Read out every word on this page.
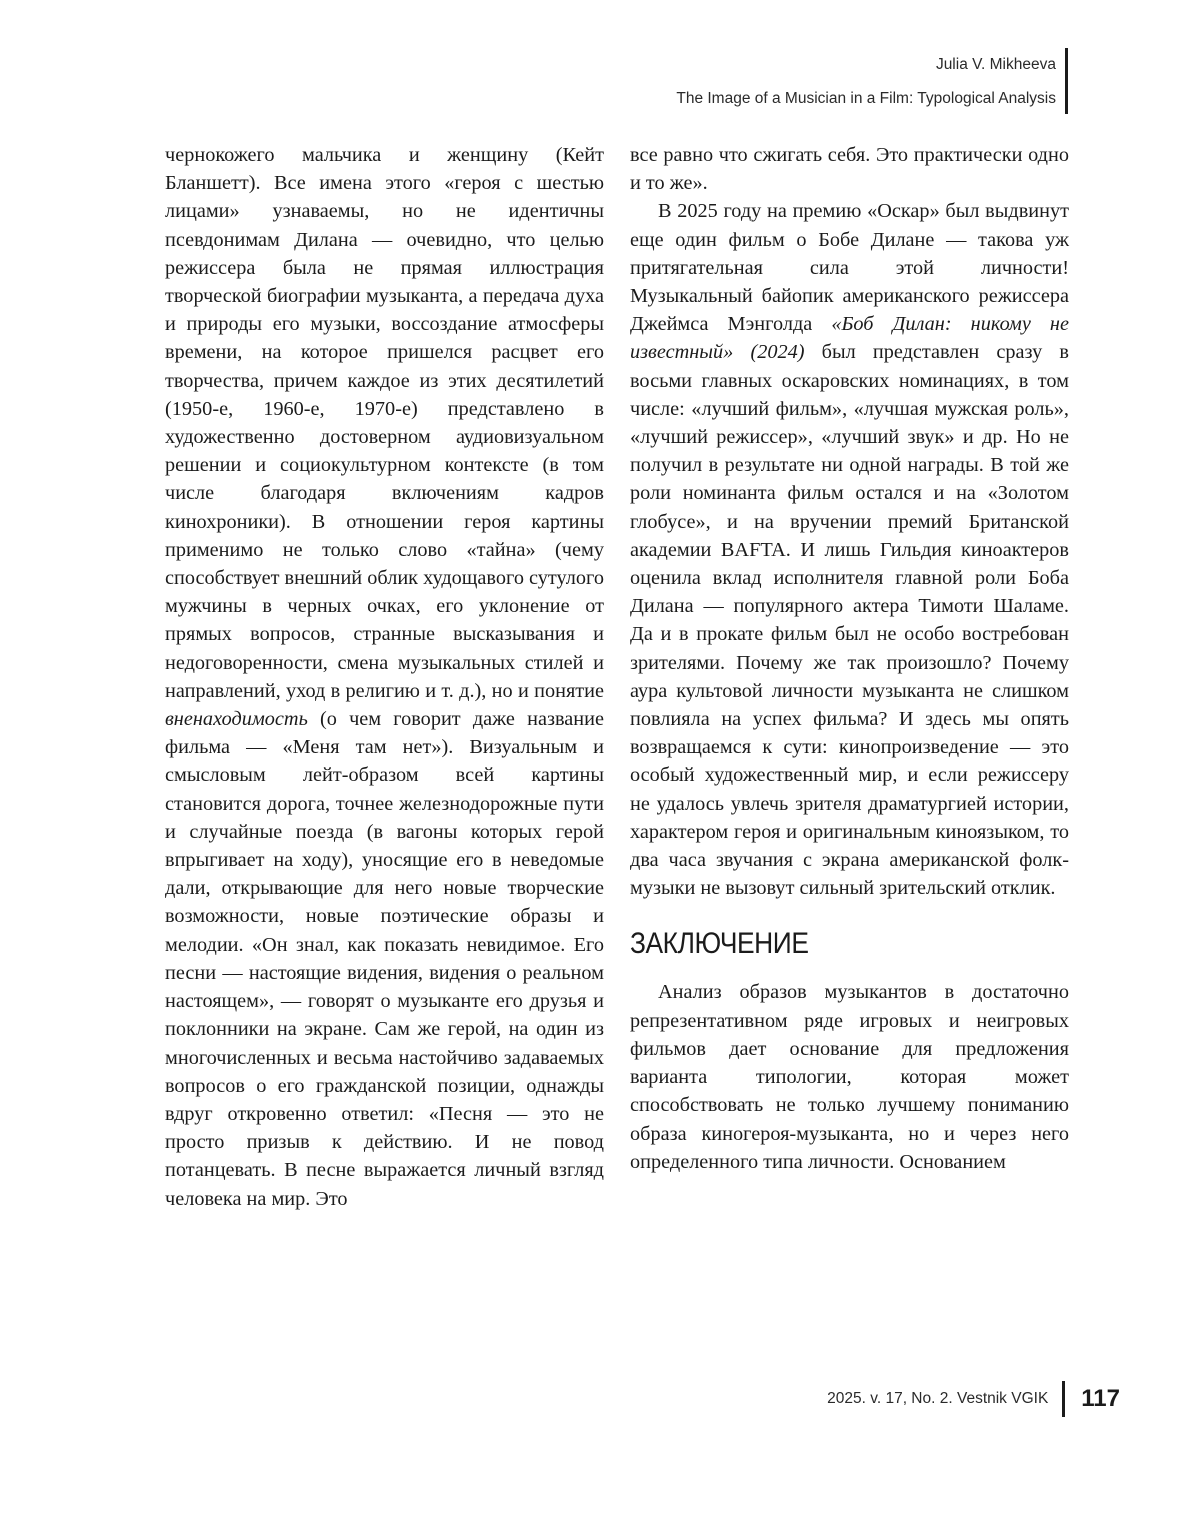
Julia V. Mikheeva
The Image of a Musician in a Film: Typological Analysis

чернокожего мальчика и женщину (Кейт Бланшетт). Все имена этого «героя с шестью лицами» узнаваемы, но не идентичны псевдонимам Дилана — очевидно, что целью режиссера была не прямая иллюстрация творческой биографии музыканта, а передача духа и природы его музыки, воссоздание атмосферы времени, на которое пришелся расцвет его творчества, причем каждое из этих десятилетий (1950-е, 1960-е, 1970-е) представлено в художественно достоверном аудиовизуальном решении и социокультурном контексте (в том числе благодаря включениям кадров кинохроники). В отношении героя картины применимо не только слово «тайна» (чему способствует внешний облик худощавого сутулого мужчины в черных очках, его уклонение от прямых вопросов, странные высказывания и недоговоренности, смена музыкальных стилей и направлений, уход в религию и т. д.), но и понятие вненаходимость (о чем говорит даже название фильма — «Меня там нет»). Визуальным и смысловым лейт-образом всей картины становится дорога, точнее железнодорожные пути и случайные поезда (в вагоны которых герой впрыгивает на ходу), уносящие его в неведомые дали, открывающие для него новые творческие возможности, новые поэтические образы и мелодии. «Он знал, как показать невидимое. Его песни — настоящие видения, видения о реальном настоящем», — говорят о музыканте его друзья и поклонники на экране. Сам же герой, на один из многочисленных и весьма настойчиво задаваемых вопросов о его гражданской позиции, однажды вдруг откровенно ответил: «Песня — это не просто призыв к действию. И не повод потанцевать. В песне выражается личный взгляд человека на мир. Это

все равно что сжигать себя. Это практически одно и то же».

В 2025 году на премию «Оскар» был выдвинут еще один фильм о Бобе Дилане — такова уж притягательная сила этой личности! Музыкальный байопик американского режиссера Джеймса Мэнголда «Боб Дилан: никому не известный» (2024) был представлен сразу в восьми главных оскаровских номинациях, в том числе: «лучший фильм», «лучшая мужская роль», «лучший режиссер», «лучший звук» и др. Но не получил в результате ни одной награды. В той же роли номинанта фильм остался и на «Золотом глобусе», и на вручении премий Британской академии BAFTA. И лишь Гильдия киноактеров оценила вклад исполнителя главной роли Боба Дилана — популярного актера Тимоти Шаламе. Да и в прокате фильм был не особо востребован зрителями. Почему же так произошло? Почему аура культовой личности музыканта не слишком повлияла на успех фильма? И здесь мы опять возвращаемся к сути: кинопроизведение — это особый художественный мир, и если режиссеру не удалось увлечь зрителя драматургией истории, характером героя и оригинальным киноязыком, то два часа звучания с экрана американской фолк-музыки не вызовут сильный зрительский отклик.

ЗАКЛЮЧЕНИЕ

Анализ образов музыкантов в достаточно репрезентативном ряде игровых и неигровых фильмов дает основание для предложения варианта типологии, которая может способствовать не только лучшему пониманию образа киногероя-музыканта, но и через него определенного типа личности. Основанием

2025. v. 17, No. 2. Vestnik VGIK 117
